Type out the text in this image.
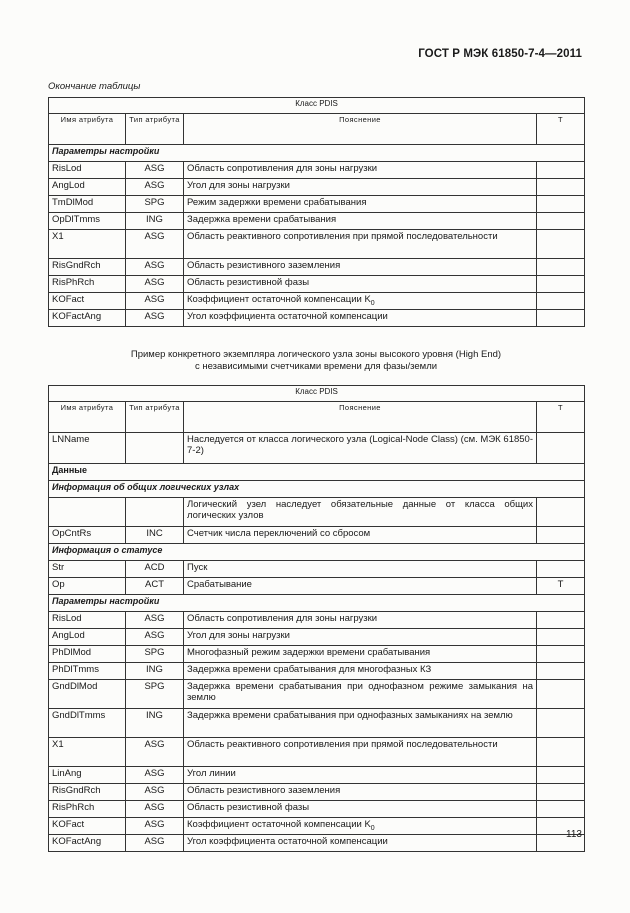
ГОСТ Р МЭК 61850-7-4—2011
Окончание таблицы
Класс PDIS			
Имя атрибута	Тип атрибута	Пояснение	Т
Параметры настройки			
RisLod	ASG	Область сопротивления для зоны нагрузки	
AngLod	ASG	Угол для зоны нагрузки	
TmDlMod	SPG	Режим задержки времени срабатывания	
OpDlTmms	ING	Задержка времени срабатывания	
X1	ASG	Область реактивного сопротивления при прямой последовательности	
RisGndRch	ASG	Область резистивного заземления	
RisPhRch	ASG	Область резистивной фазы	
KOFact	ASG	Коэффициент остаточной компенсации $K_0$	
KOFactAng	ASG	Угол коэффициента остаточной компенсации	
Пример конкретного экземпляра логического узла зоны высокого уровня (High End)
с независимыми счетчиками времени для фазы/земли
Класс PDIS			
Имя атрибута	Тип атрибута	Пояснение	Т
LNName		Наследуется от класса логического узла (Logical-Node Class) (см. МЭК 61850-7-2)	
Данные			
Информация об общих логических узлах			
		Логический узел наследует обязательные данные от класса общих логических узлов	
OpCntRs	INC	Счетчик числа переключений со сбросом	
Информация о статусе			
Str	ACD	Пуск	
Op	ACT	Срабатывание	Т
Параметры настройки			
RisLod	ASG	Область сопротивления для зоны нагрузки	
AngLod	ASG	Угол для зоны нагрузки	
PhDlMod	SPG	Многофазный режим задержки времени срабатывания	
PhDlTmms	ING	Задержка времени срабатывания для многофазных КЗ	
GndDlMod	SPG	Задержка времени срабатывания при однофазном режиме замыкания на землю	
GndDlTmms	ING	Задержка времени срабатывания при однофазных замыканиях на землю	
X1	ASG	Область реактивного сопротивления при прямой последовательности	
LinAng	ASG	Угол линии	
RisGndRch	ASG	Область резистивного заземления	
RisPhRch	ASG	Область резистивной фазы	
KOFact	ASG	Коэффициент остаточной компенсации $K_0$	
KOFactAng	ASG	Угол коэффициента остаточной компенсации	
113
